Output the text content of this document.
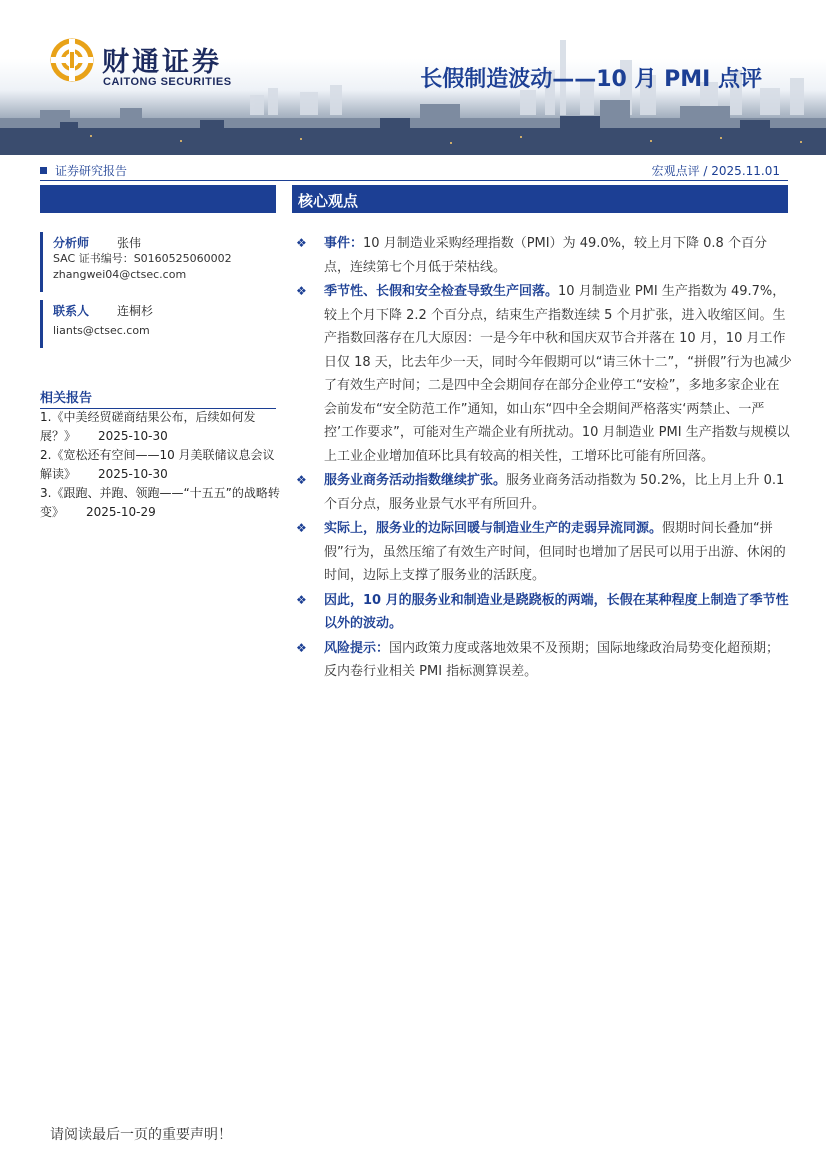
财通证券
CAITONG SECURITIES	长假制造波动——10 月 PMI 点评
证券研究报告	宏观点评 / 2025.11.01
核心观点
分析师 张伟
SAC 证书编号：S0160525060002
zhangwei04@ctsec.com
联系人 连桐杉
liants@ctsec.com
相关报告
1.《中美经贸磋商结果公布，后续如何发展？》 2025-10-30
2.《宽松还有空间——10 月美联储议息会议解读》 2025-10-30
3.《跟跑、并跑、领跑——“十五五”的战略转变》 2025-10-29
❖ 事件：10 月制造业采购经理指数（PMI）为 49.0%，较上月下降 0.8 个百分点，连续第七个月低于荣枯线。
❖ 季节性、长假和安全检查导致生产回落。10 月制造业 PMI 生产指数为 49.7%，较上个月下降 2.2 个百分点，结束生产指数连续 5 个月扩张，进入收缩区间。生产指数回落存在几大原因：一是今年中秋和国庆双节合并落在 10 月，10 月工作日仅 18 天，比去年少一天，同时今年假期可以“请三休十二”，“拼假”行为也减少了有效生产时间；二是四中全会期间存在部分企业停工“安检”，多地多家企业在会前发布“安全防范工作”通知，如山东“四中全会期间严格落实‘两禁止、一严控’工作要求”，可能对生产端企业有所扰动。10 月制造业 PMI 生产指数与规模以上工业企业增加值环比具有较高的相关性，工增环比可能有所回落。
❖ 服务业商务活动指数继续扩张。服务业商务活动指数为 50.2%，比上月上升 0.1 个百分点，服务业景气水平有所回升。
❖ 实际上，服务业的边际回暖与制造业生产的走弱异流同源。假期时间长叠加“拼假”行为，虽然压缩了有效生产时间，但同时也增加了居民可以用于出游、休闲的时间，边际上支撑了服务业的活跃度。
❖ 因此，10 月的服务业和制造业是跷跷板的两端，长假在某种程度上制造了季节性以外的波动。
❖ 风险提示：国内政策力度或落地效果不及预期；国际地缘政治局势变化超预期；反内卷行业相关 PMI 指标测算误差。
请阅读最后一页的重要声明！
